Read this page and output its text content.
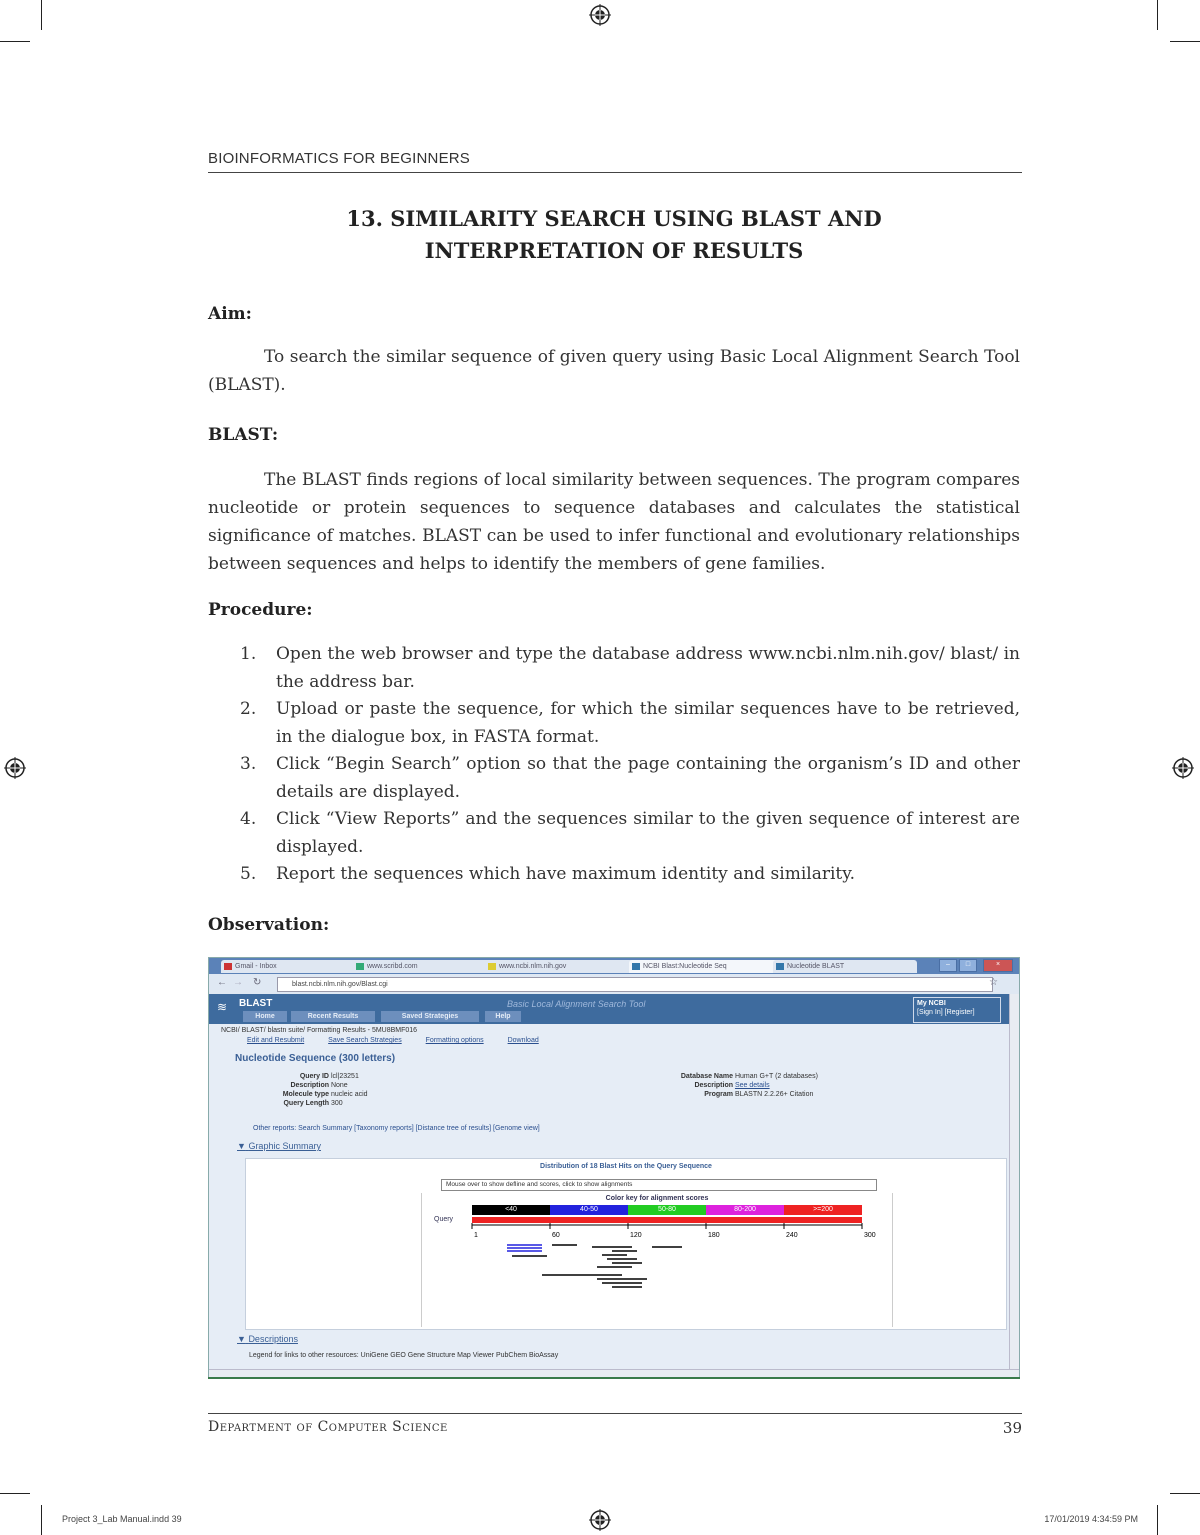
BIOINFORMATICS FOR BEGINNERS
13. SIMILARITY SEARCH USING BLAST AND
INTERPRETATION OF RESULTS
Aim:
To search the similar sequence of given query using Basic Local Alignment Search Tool (BLAST).
BLAST:
The BLAST finds regions of local similarity between sequences. The program compares nucleotide or protein sequences to sequence databases and calculates the statistical significance of matches. BLAST can be used to infer functional and evolutionary relationships between sequences and helps to identify the members of gene families.
Procedure:
1. Open the web browser and type the database address www.ncbi.nlm.nih.gov/ blast/ in the address bar.
2. Upload or paste the sequence, for which the similar sequences have to be retrieved, in the dialogue box, in FASTA format.
3. Click “Begin Search” option so that the page containing the organism’s ID and other details are displayed.
4. Click “View Reports” and the sequences similar to the given sequence of interest are displayed.
5. Report the sequences which have maximum identity and similarity.
Observation:
Gmail - Inbox	www.scribd.com	www.ncbi.nlm.nih.gov	NCBI Blast:Nucleotide Seq	Nucleotide BLAST	–	□	×
← → ↻	blast.ncbi.nlm.nih.gov/Blast.cgi	☆
≋ BLAST	Basic Local Alignment Search Tool
Home	Recent Results	Saved Strategies	Help
My NCBI
[Sign In] [Register]
NCBI/ BLAST/ blastn suite/ Formatting Results - 5MU8BMF016
Edit and Resubmit	Save Search Strategies	Formatting options	Download
Nucleotide Sequence (300 letters)
Query ID lcl|23251
Description None
Molecule type nucleic acid
Query Length 300
Database Name Human G+T (2 databases)
Description See details
Program BLASTN 2.2.26+ Citation
Other reports: Search Summary [Taxonomy reports] [Distance tree of results] [Genome view]
▼ Graphic Summary
Distribution of 18 Blast Hits on the Query Sequence
Mouse over to show defline and scores, click to show alignments
Color key for alignment scores
<40	40-50	50-80	80-200	>=200
Query
1	60	120	180	240	300
▼ Descriptions
Legend for links to other resources: UniGene GEO Gene Structure Map Viewer PubChem BioAssay
Department of Computer Science	39
Project 3_Lab Manual.indd 39	17/01/2019 4:34:59 PM
